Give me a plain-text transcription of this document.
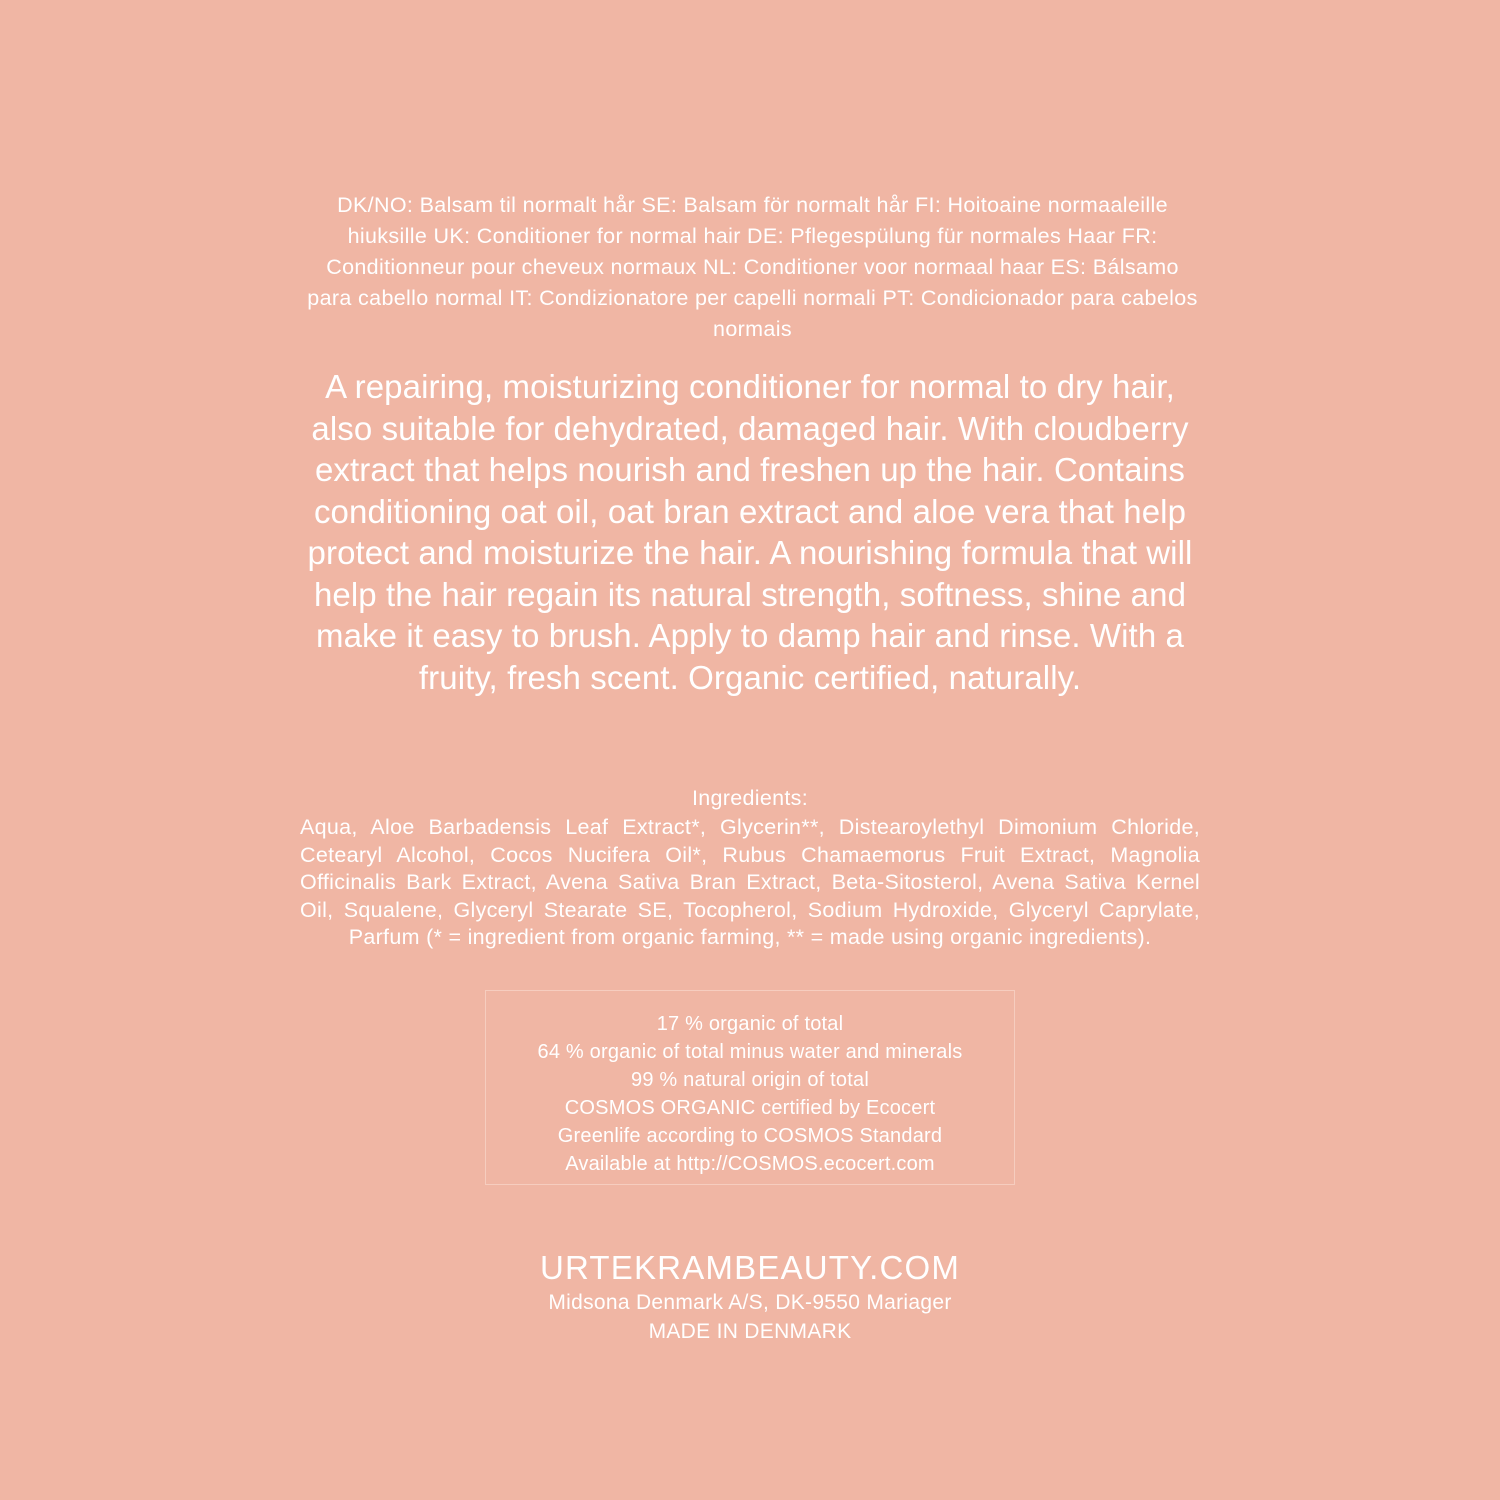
DK/NO: Balsam til normalt hår SE: Balsam för normalt hår FI: Hoitoaine normaaleille hiuksille UK: Conditioner for normal hair DE: Pflegespülung für normales Haar FR: Conditionneur pour cheveux normaux NL: Conditioner voor normaal haar ES: Bálsamo para cabello normal IT: Condizionatore per capelli normali PT: Condicionador para cabelos normais

A repairing, moisturizing conditioner for normal to dry hair, also suitable for dehydrated, damaged hair. With cloudberry extract that helps nourish and freshen up the hair. Contains conditioning oat oil, oat bran extract and aloe vera that help protect and moisturize the hair. A nourishing formula that will help the hair regain its natural strength, softness, shine and make it easy to brush. Apply to damp hair and rinse. With a fruity, fresh scent. Organic certified, naturally.

Ingredients:
Aqua, Aloe Barbadensis Leaf Extract*, Glycerin**, Distearoylethyl Dimonium Chloride, Cetearyl Alcohol, Cocos Nucifera Oil*, Rubus Chamaemorus Fruit Extract, Magnolia Officinalis Bark Extract, Avena Sativa Bran Extract, Beta-Sitosterol, Avena Sativa Kernel Oil, Squalene, Glyceryl Stearate SE, Tocopherol, Sodium Hydroxide, Glyceryl Caprylate, Parfum (* = ingredient from organic farming, ** = made using organic ingredients).
17 % organic of total
64 % organic of total minus water and minerals
99 % natural origin of total
COSMOS ORGANIC certified by Ecocert
Greenlife according to COSMOS Standard
Available at http://COSMOS.ecocert.com
URTEKRAMBEAUTY.COM
Midsona Denmark A/S, DK-9550 Mariager
MADE IN DENMARK
